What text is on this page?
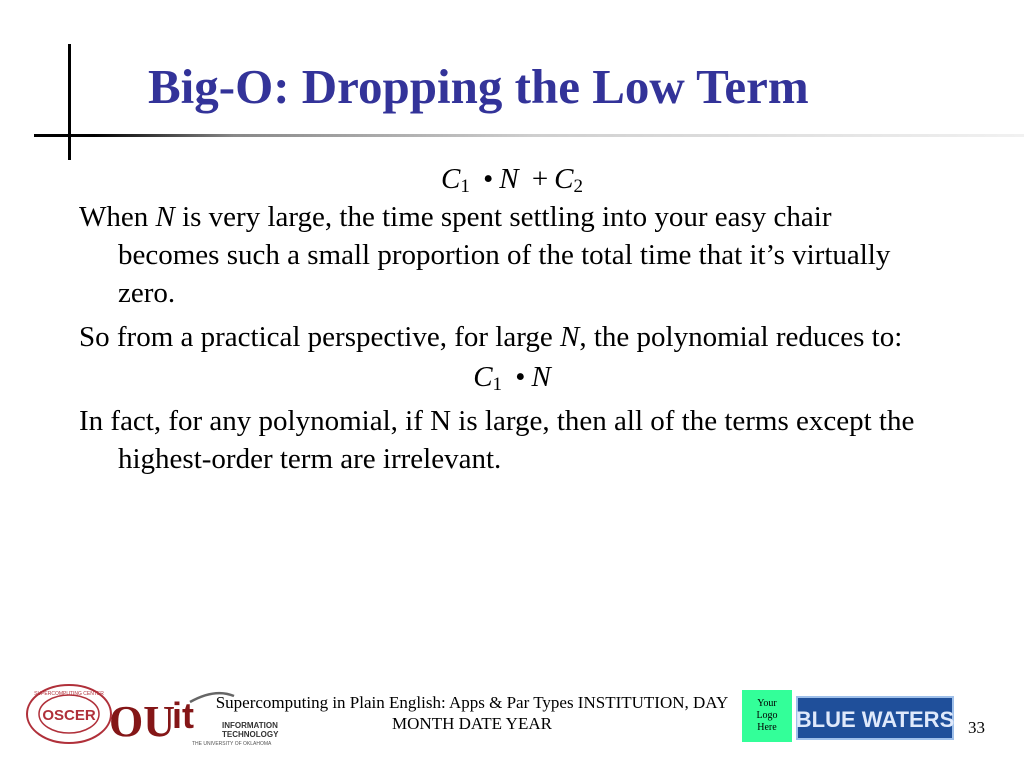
Big-O: Dropping the Low Term
$C_1$ • $N + C_2$

When N is very large, the time spent settling into your easy chair becomes such a small proportion of the total time that it’s virtually zero.

So from a practical perspective, for large N, the polynomial reduces to:

$C_1$ • N

In fact, for any polynomial, if N is large, then all of the terms except the highest-order term are irrelevant.

OSCER
SUPERCOMPUTING CENTER
OU
it	INFORMATION
TECHNOLOGY
THE UNIVERSITY OF OKLAHOMA
Supercomputing in Plain English: Apps & Par Types INSTITUTION, DAY
MONTH DATE YEAR
Your
Logo
Here BLUE WATERS 33
